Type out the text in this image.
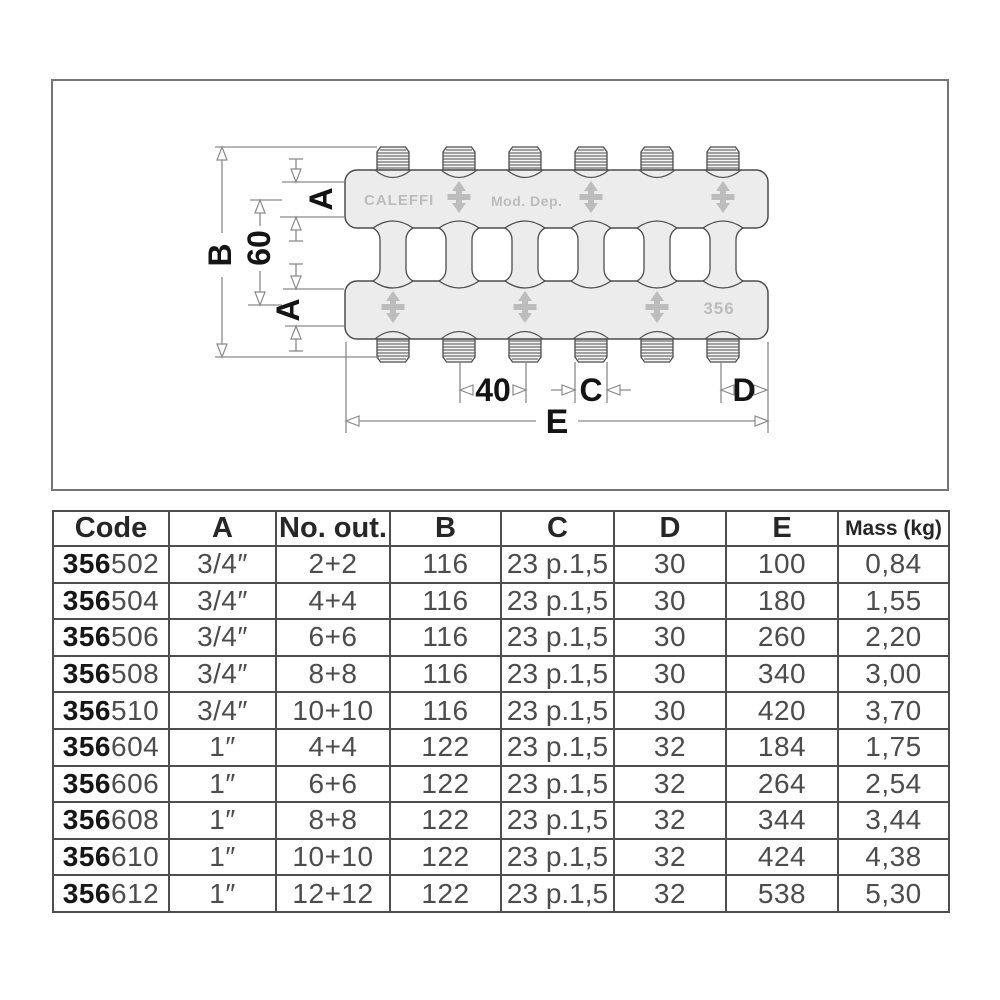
CALEFFI	Mod. Dep.
356
B 60
A
A
40 C	D
E
Code	A	No. out.	B	C	D	E	Mass (kg)
356502	3/4″	2+2	116	23 p.1,5	30	100	0,84
356504	3/4″	4+4	116	23 p.1,5	30	180	1,55
356506	3/4″	6+6	116	23 p.1,5	30	260	2,20
356508	3/4″	8+8	116	23 p.1,5	30	340	3,00
356510	3/4″	10+10	116	23 p.1,5	30	420	3,70
356604	1″	4+4	122	23 p.1,5	32	184	1,75
356606	1″	6+6	122	23 p.1,5	32	264	2,54
356608	1″	8+8	122	23 p.1,5	32	344	3,44
356610	1″	10+10	122	23 p.1,5	32	424	4,38
356612	1″	12+12	122	23 p.1,5	32	538	5,30
